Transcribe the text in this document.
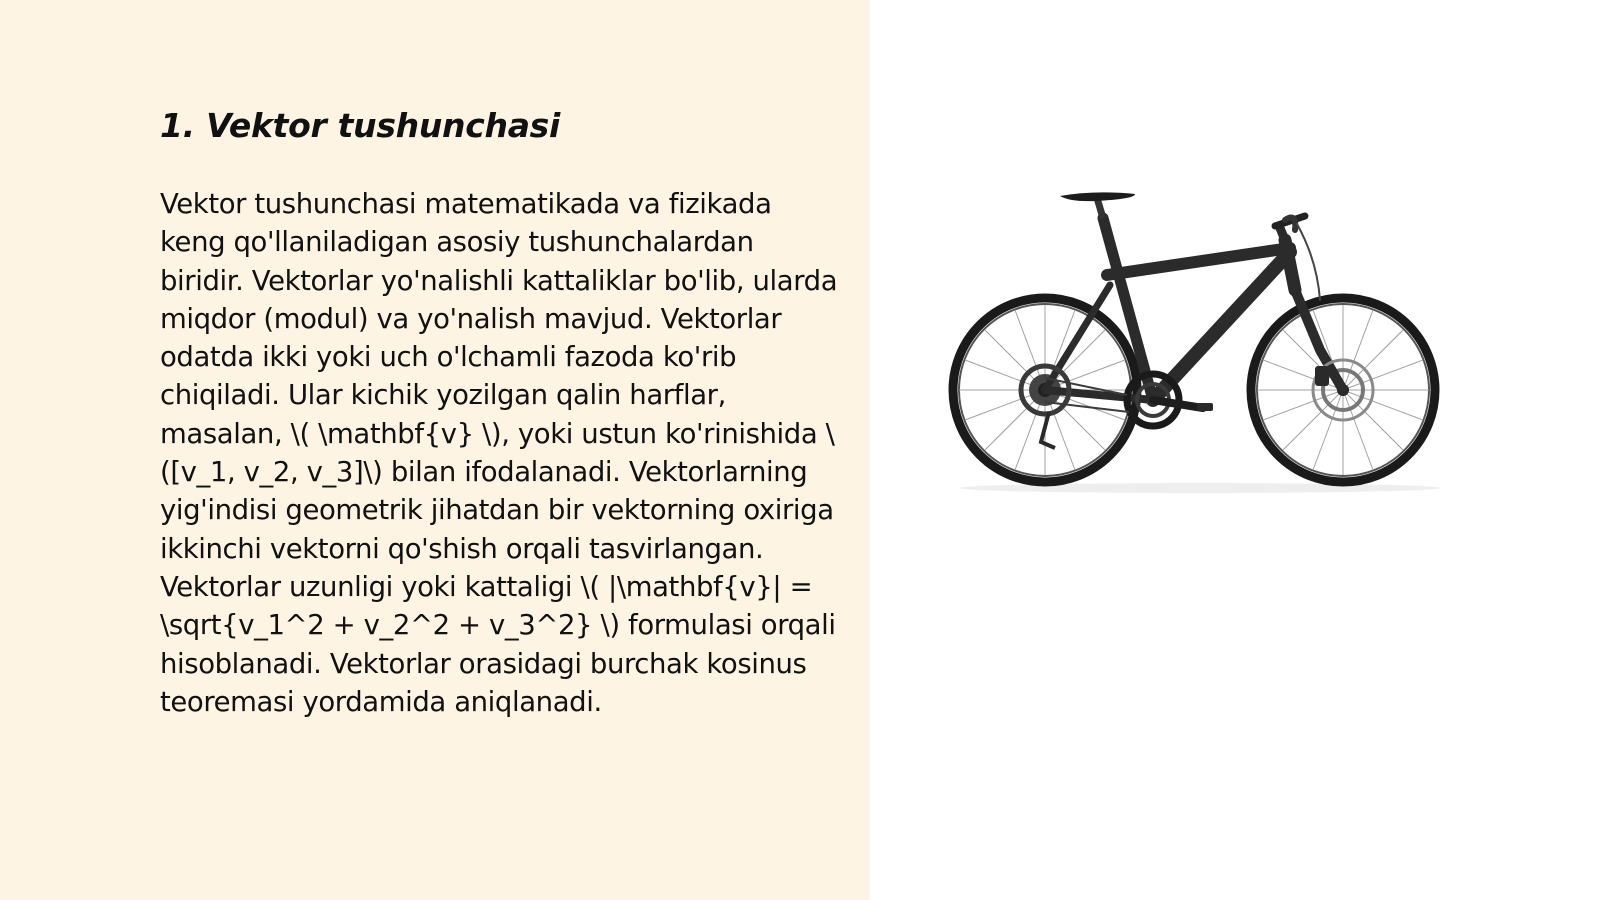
1. Vektor tushunchasi

Vektor tushunchasi matematikada va fizikada keng qo'llaniladigan asosiy tushunchalardan biridir. Vektorlar yo'nalishli kattaliklar bo'lib, ularda miqdor (modul) va yo'nalish mavjud. Vektorlar odatda ikki yoki uch o'lchamli fazoda ko'rib chiqiladi. Ular kichik yozilgan qalin harflar, masalan, \( \mathbf{v} \), yoki ustun ko'rinishida \([v_1, v_2, v_3]\) bilan ifodalanadi. Vektorlarning yig'indisi geometrik jihatdan bir vektorning oxiriga ikkinchi vektorni qo'shish orqali tasvirlangan. Vektorlar uzunligi yoki kattaligi \( |\mathbf{v}| = \sqrt{v_1^2 + v_2^2 + v_3^2} \) formulasi orqali hisoblanadi. Vektorlar orasidagi burchak kosinus teoremasi yordamida aniqlanadi.
